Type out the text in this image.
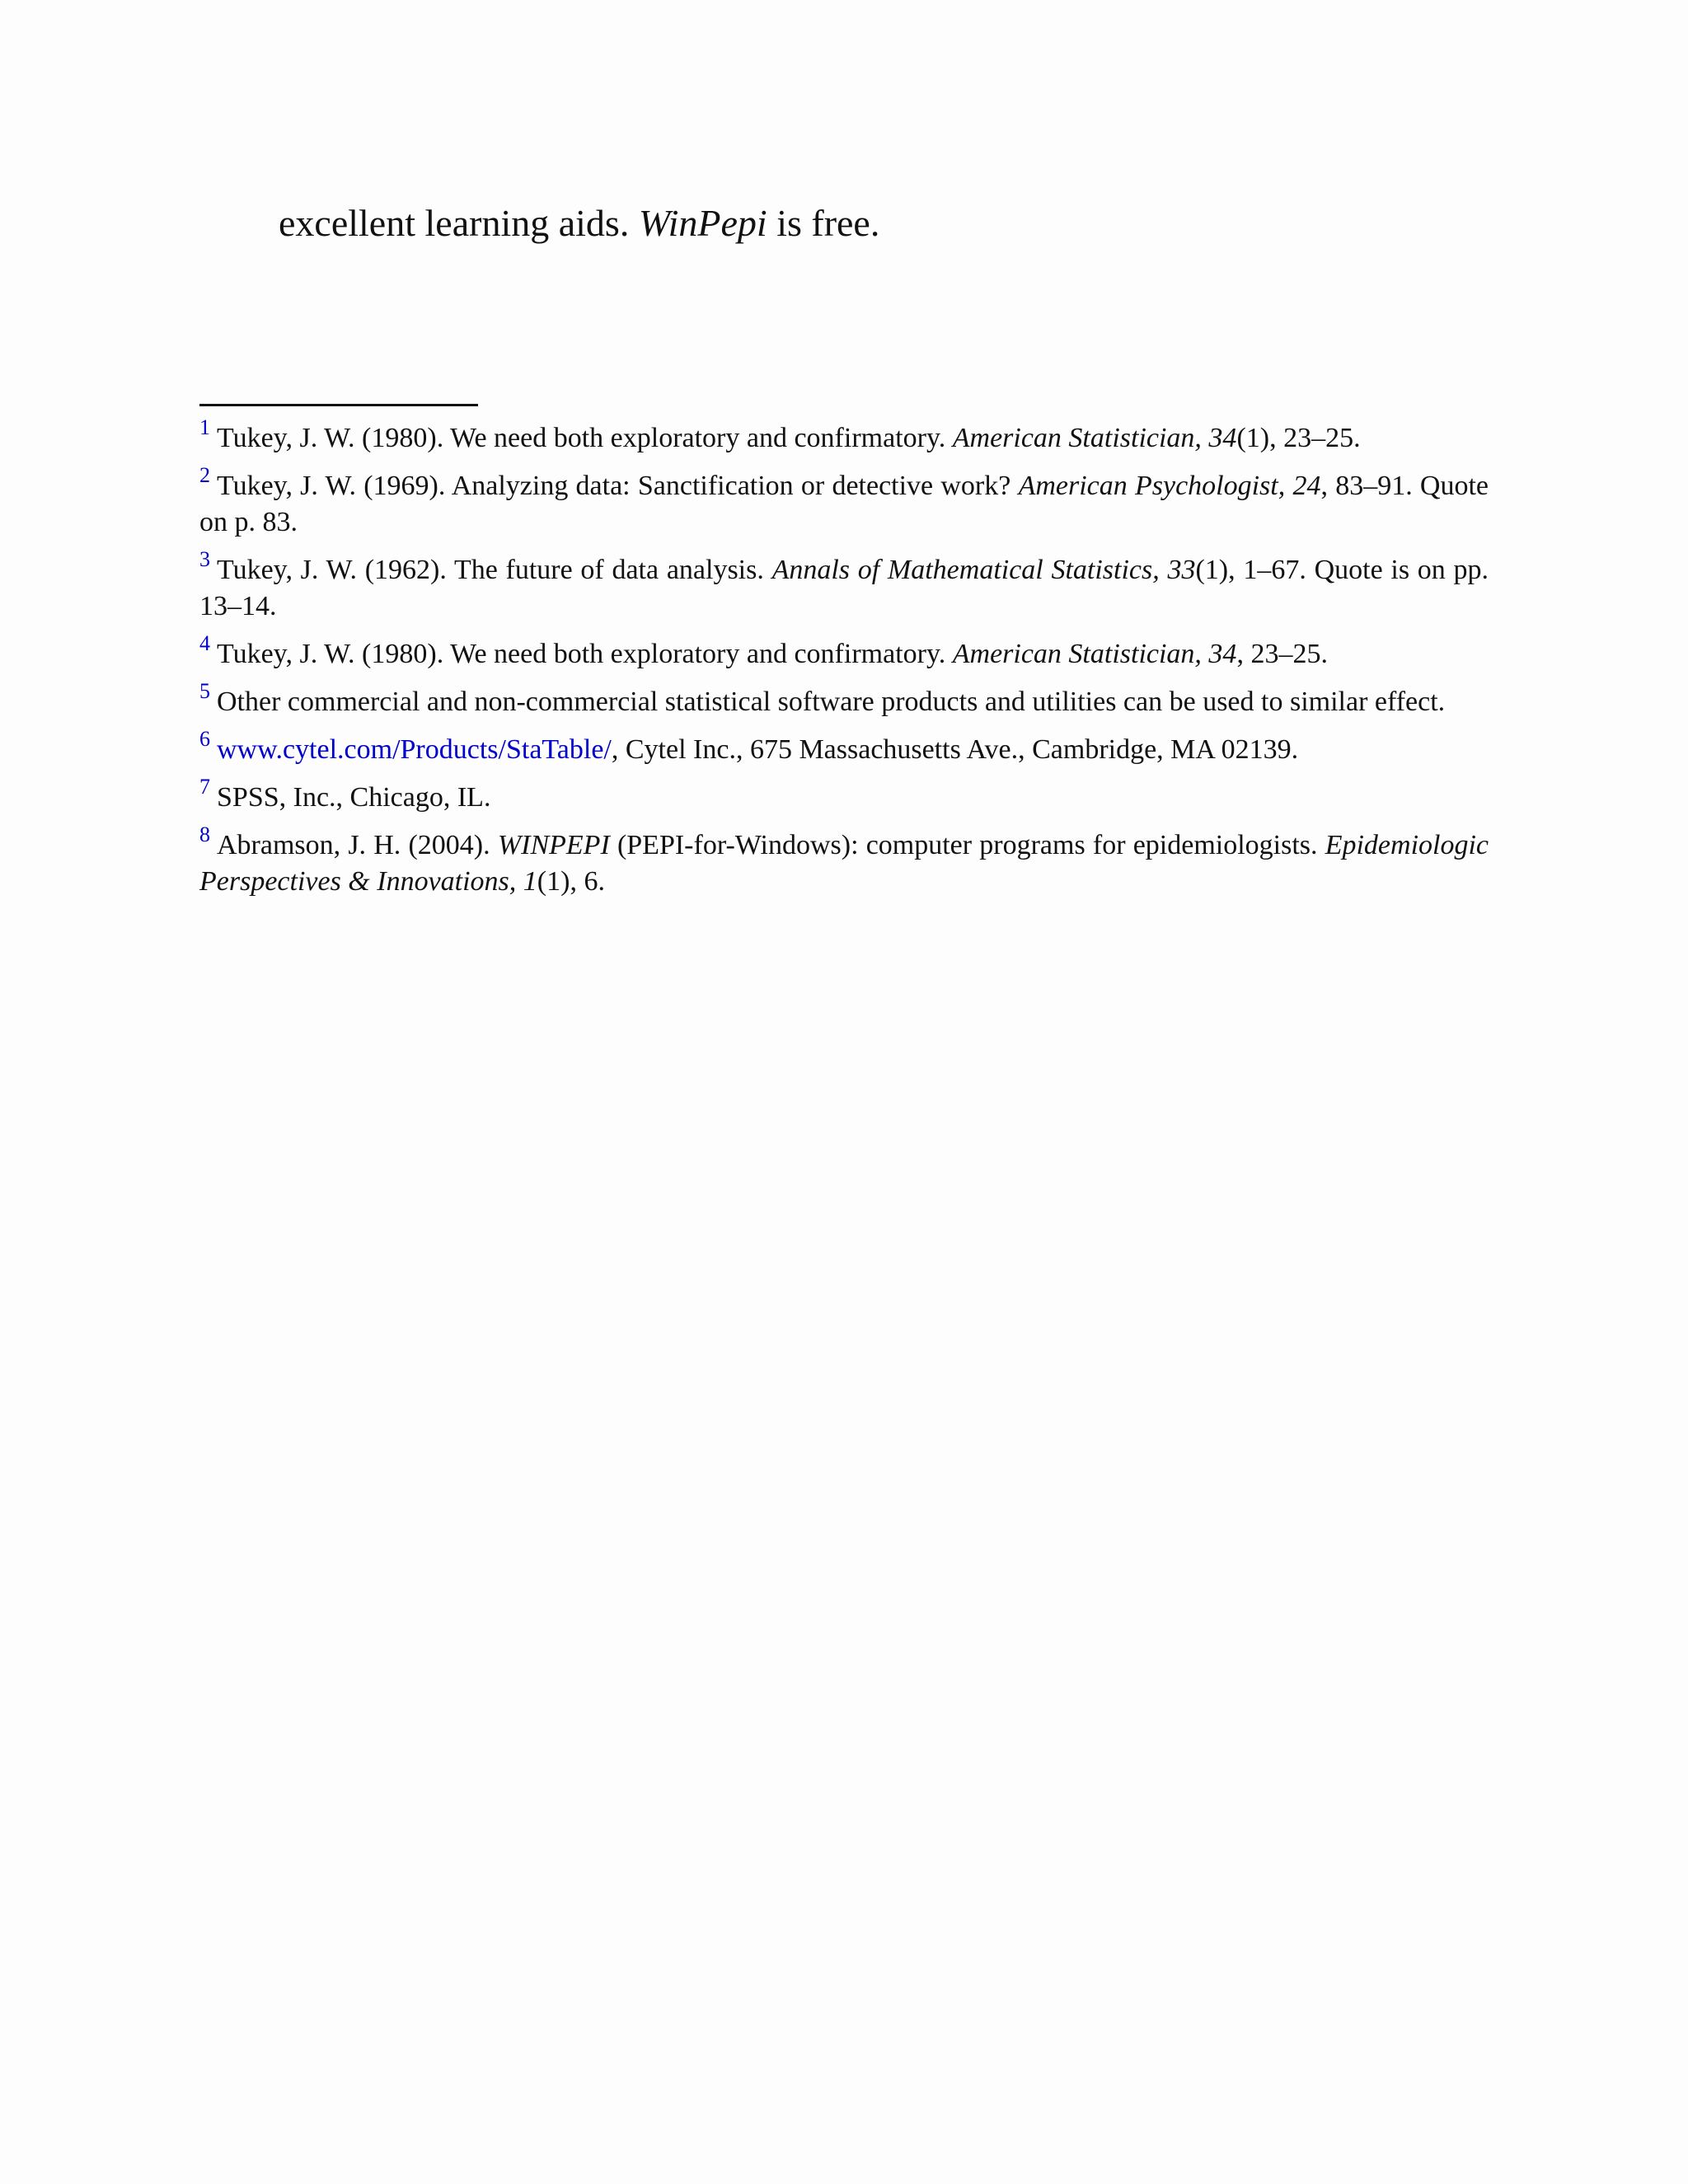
excellent learning aids. WinPepi is free.

$^1$ Tukey, J. W. (1980). We need both exploratory and confirmatory. American Statistician, 34(1), 23–25.

$^2$ Tukey, J. W. (1969). Analyzing data: Sanctification or detective work? American Psychologist, 24, 83–91. Quote on p. 83.

$^3$ Tukey, J. W. (1962). The future of data analysis. Annals of Mathematical Statistics, 33(1), 1–67. Quote is on pp. 13–14.

$^4$ Tukey, J. W. (1980). We need both exploratory and confirmatory. American Statistician, 34, 23–25.

$^5$ Other commercial and non-commercial statistical software products and utilities can be used to similar effect.

$^6$ www.cytel.com/Products/StaTable/, Cytel Inc., 675 Massachusetts Ave., Cambridge, MA 02139.

$^7$ SPSS, Inc., Chicago, IL.

$^8$ Abramson, J. H. (2004). WINPEPI (PEPI-for-Windows): computer programs for epidemiologists. Epidemiologic Perspectives & Innovations, 1(1), 6.
